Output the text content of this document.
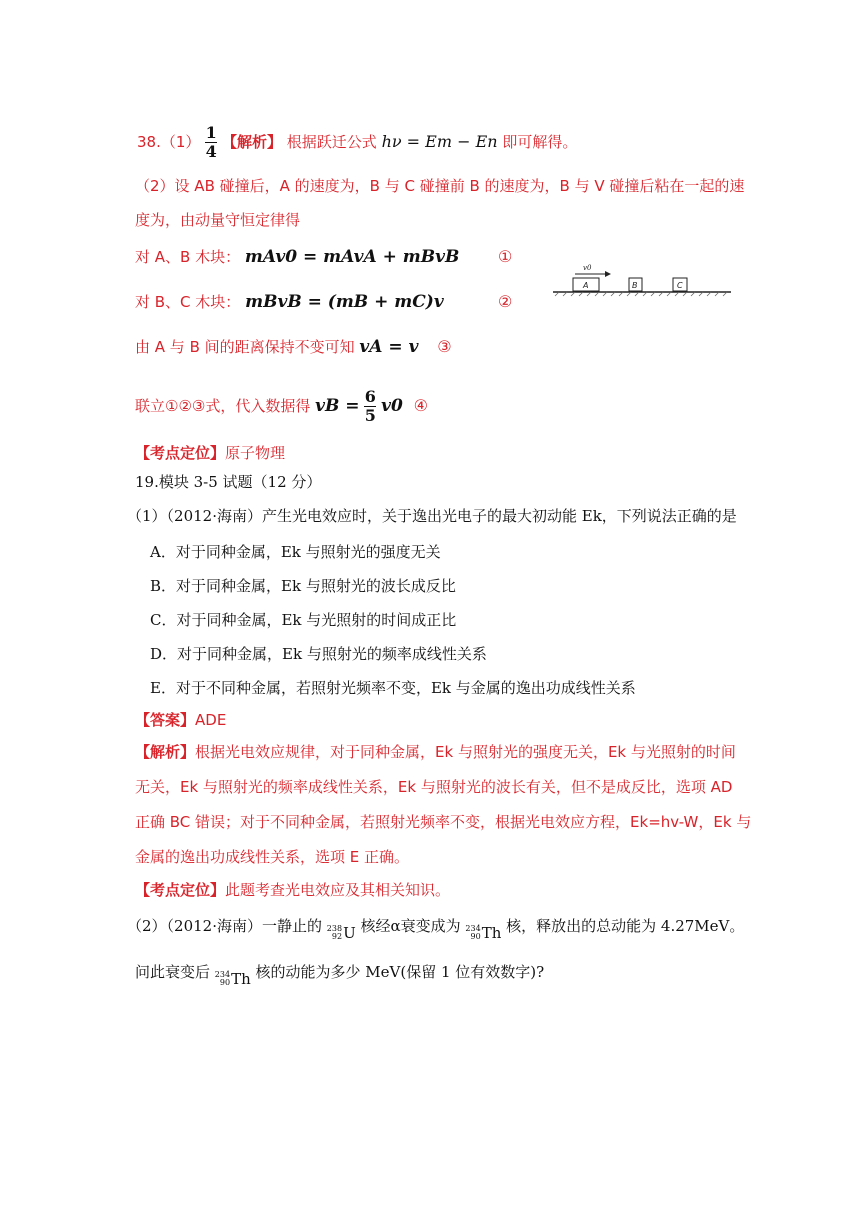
$38.(1) \frac{1}{4}$ 【解析】 根据跃迁公式 hν = Em − En 即可解得。
（2）设 AB 碰撞后，A 的速度为，B 与 C 碰撞前 B 的速度为，B 与 V 碰撞后粘在一起的速
度为，由动量守恒定律得
对 A、B 木块： mAv0 = mAvA + mBvB ①
对 B、C 木块： mBvB = (mB + mC)v	②
v0
A	B	C
由 A 与 B 间的距离保持不变可知 vA = v ③
联立①②③式，代入数据得 vB = $\frac{6}{5} v0$ ④
【考点定位】原子物理
19.模块 3-5 试题（12 分）
（1）（2012·海南）产生光电效应时，关于逸出光电子的最大初动能 Ek，下列说法正确的是
A．对于同种金属，Ek 与照射光的强度无关
B．对于同种金属，Ek 与照射光的波长成反比
C．对于同种金属，Ek 与光照射的时间成正比
D．对于同种金属，Ek 与照射光的频率成线性关系
E．对于不同种金属，若照射光频率不变，Ek 与金属的逸出功成线性关系
【答案】ADE
【解析】根据光电效应规律，对于同种金属，Ek 与照射光的强度无关，Ek 与光照射的时间
无关，Ek 与照射光的频率成线性关系，Ek 与照射光的波长有关，但不是成反比，选项 AD
正确 BC 错误；对于不同种金属，若照射光频率不变，根据光电效应方程，Ek=hv-W，Ek 与
金属的逸出功成线性关系，选项 E 正确。
【考点定位】此题考查光电效应及其相关知识。
（2）（2012·海南）一静止的 238
92 U 核经α衰变成为 234
90 Th 核，释放出的总动能为 4.27MeV。
问此衰变后 234
90 Th 核的动能为多少 MeV(保留 1 位有效数字)?
